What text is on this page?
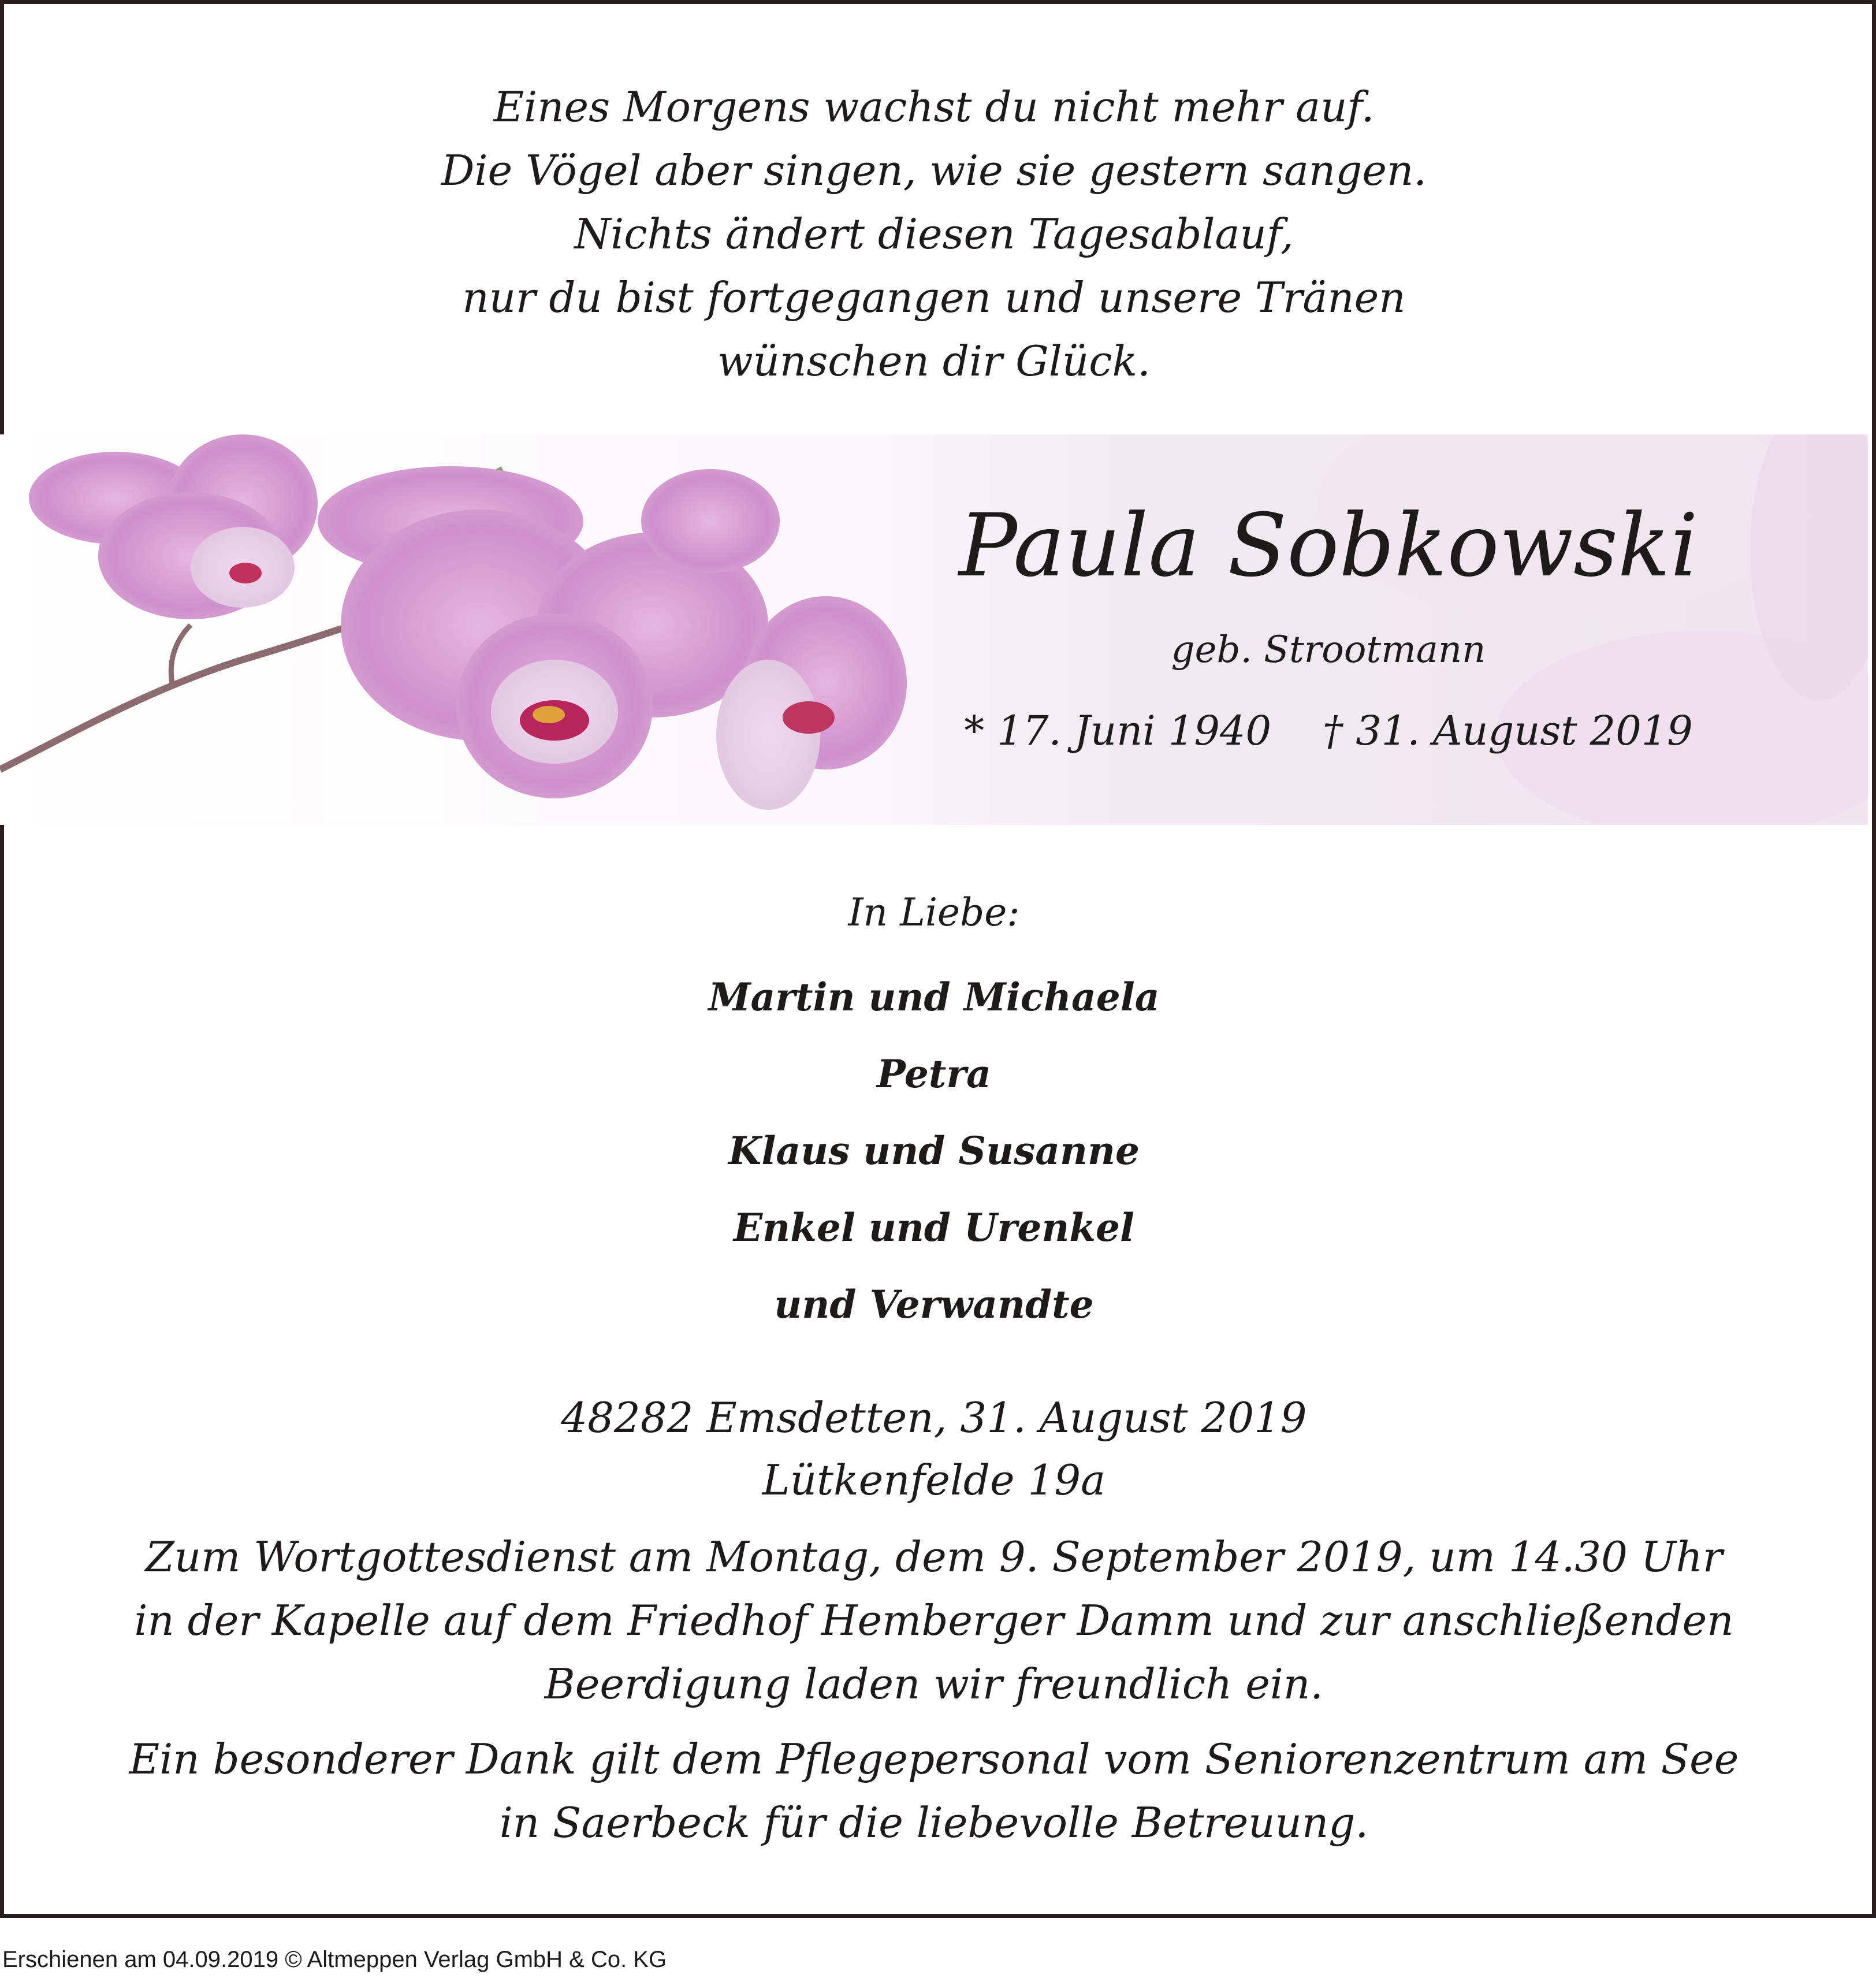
Eines Morgens wachst du nicht mehr auf.
Die Vögel aber singen, wie sie gestern sangen.
Nichts ändert diesen Tagesablauf,
nur du bist fortgegangen und unsere Tränen
wünschen dir Glück.
Paula Sobkowski
geb. Strootmann
* 17. Juni 1940 † 31. August 2019
In Liebe:
Martin und Michaela
Petra
Klaus und Susanne
Enkel und Urenkel
und Verwandte
48282 Emsdetten, 31. August 2019
Lütkenfelde 19a
Zum Wortgottesdienst am Montag, dem 9. September 2019, um 14.30 Uhr
in der Kapelle auf dem Friedhof Hemberger Damm und zur anschließenden
Beerdigung laden wir freundlich ein.
Ein besonderer Dank gilt dem Pflegepersonal vom Seniorenzentrum am See
in Saerbeck für die liebevolle Betreuung.
Erschienen am 04.09.2019 © Altmeppen Verlag GmbH & Co. KG
